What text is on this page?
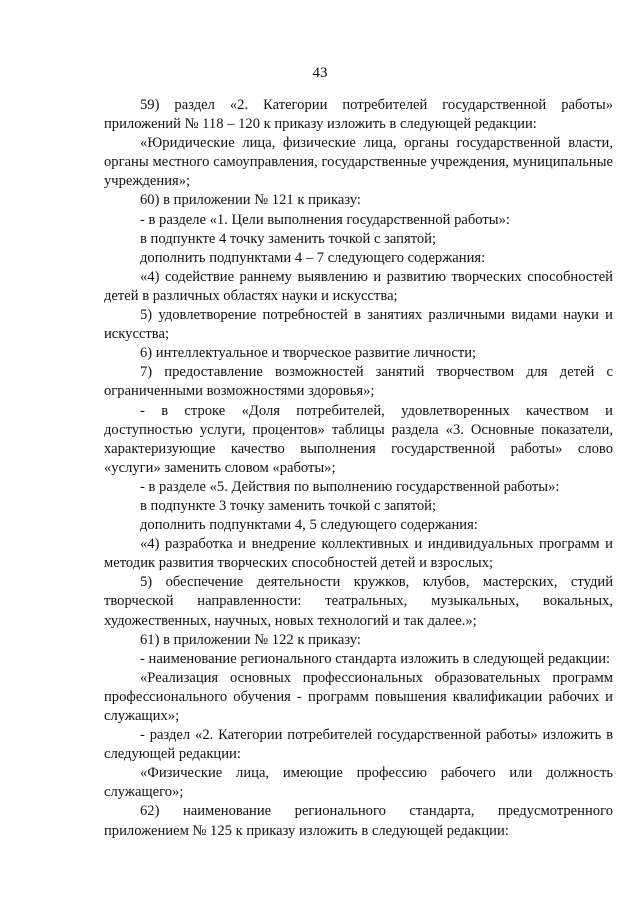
43

59) раздел «2. Категории потребителей государственной работы» приложений № 118 – 120 к приказу изложить в следующей редакции:

«Юридические лица, физические лица, органы государственной власти, органы местного самоуправления, государственные учреждения, муниципальные учреждения»;

60) в приложении № 121 к приказу:

- в разделе «1. Цели выполнения государственной работы»:

в подпункте 4 точку заменить точкой с запятой;

дополнить подпунктами 4 – 7 следующего содержания:

«4) содействие раннему выявлению и развитию творческих способностей детей в различных областях науки и искусства;

5) удовлетворение потребностей в занятиях различными видами науки и искусства;

6) интеллектуальное и творческое развитие личности;

7) предоставление возможностей занятий творчеством для детей с ограниченными возможностями здоровья»;

- в строке «Доля потребителей, удовлетворенных качеством и доступностью услуги, процентов» таблицы раздела «3. Основные показатели, характеризующие качество выполнения государственной работы» слово «услуги» заменить словом «работы»;

- в разделе «5. Действия по выполнению государственной работы»:

в подпункте 3 точку заменить точкой с запятой;

дополнить подпунктами 4, 5 следующего содержания:

«4) разработка и внедрение коллективных и индивидуальных программ и методик развития творческих способностей детей и взрослых;

5) обеспечение деятельности кружков, клубов, мастерских, студий творческой направленности: театральных, музыкальных, вокальных, художественных, научных, новых технологий и так далее.»;

61) в приложении № 122 к приказу:

- наименование регионального стандарта изложить в следующей редакции:

«Реализация основных профессиональных образовательных программ профессионального обучения - программ повышения квалификации рабочих и служащих»;

- раздел «2. Категории потребителей государственной работы» изложить в следующей редакции:

«Физические лица, имеющие профессию рабочего или должность служащего»;

62) наименование регионального стандарта, предусмотренного приложением № 125 к приказу изложить в следующей редакции:
